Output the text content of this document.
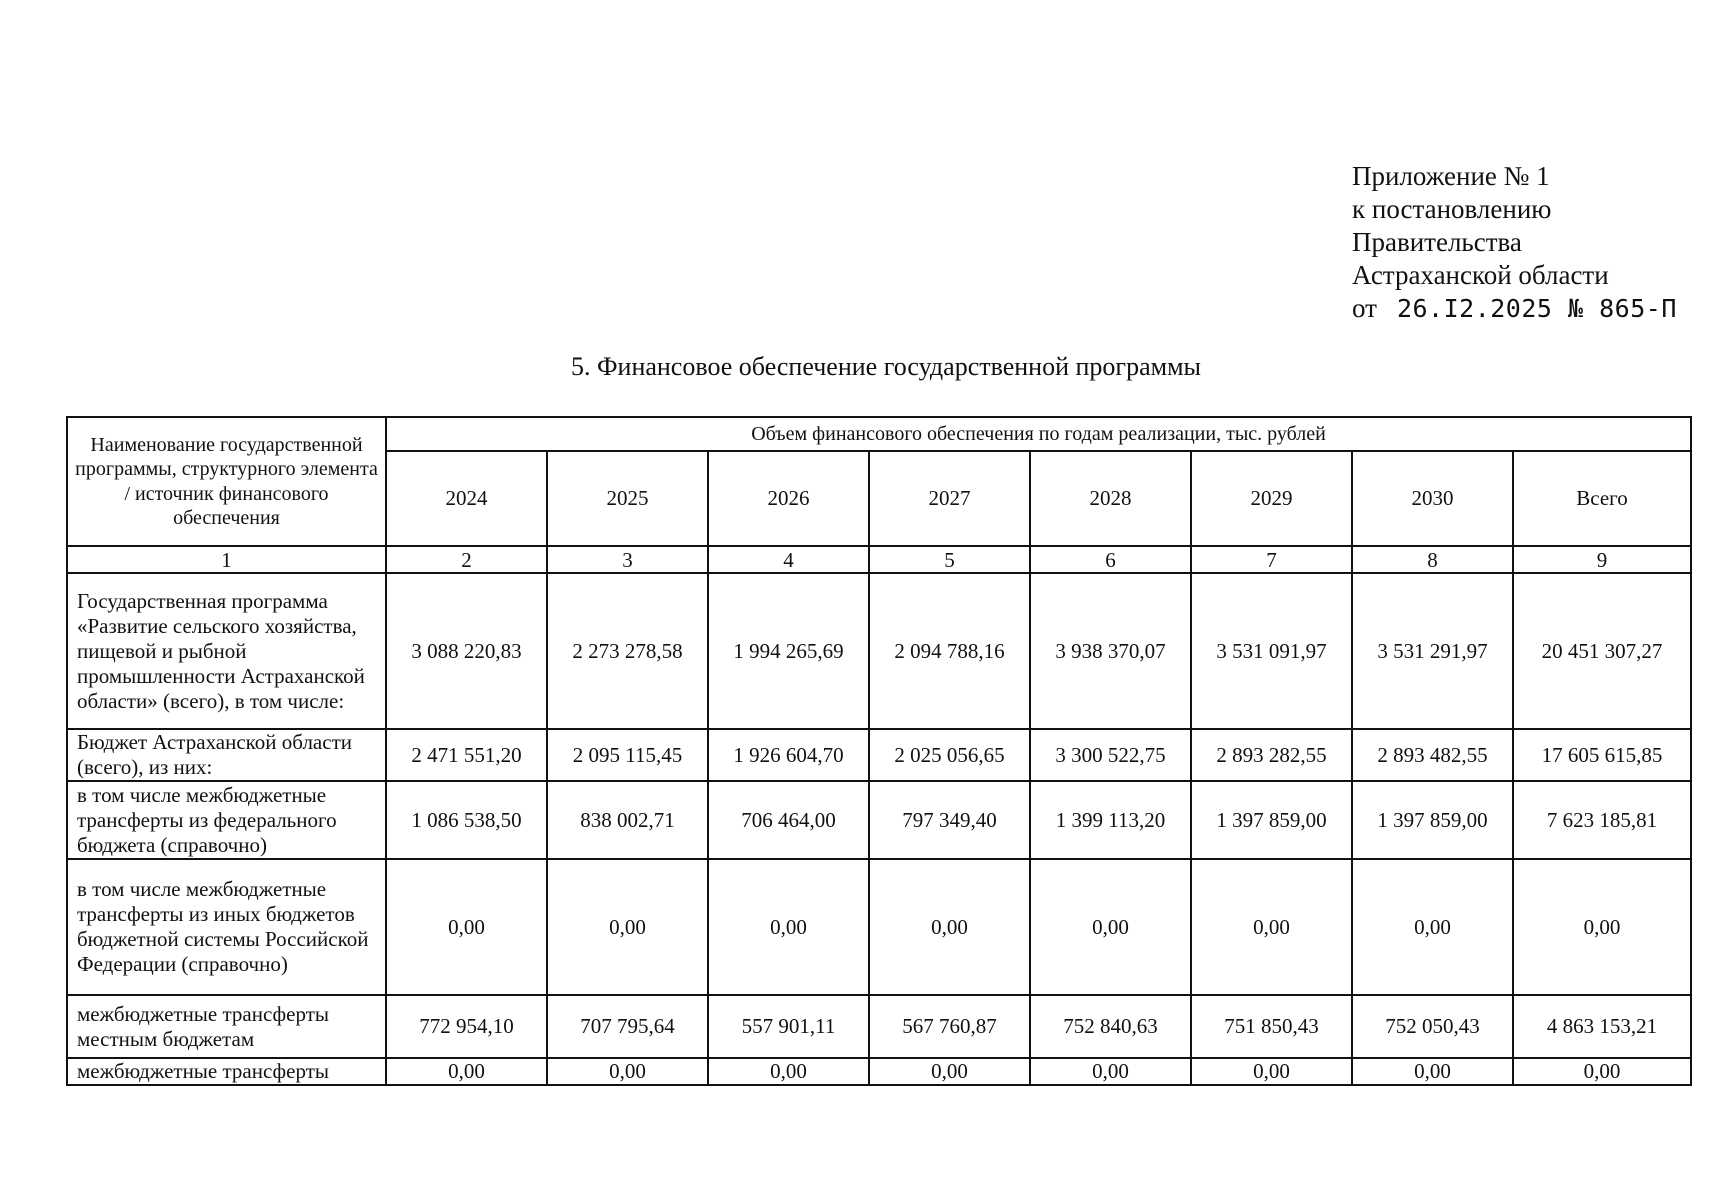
Приложение № 1
к постановлению
Правительства
Астраханской области
от 26.I2.2025 № 865-П
5. Финансовое обеспечение государственной программы
Наименование государственной программы, структурного элемента / источник финансового обеспечения	Объем финансового обеспечения по годам реализации, тыс. рублей							
	2024	2025	2026	2027	2028	2029	2030	Всего
1	2	3	4	5	6	7	8	9
Государственная программа «Развитие сельского хозяйства, пищевой и рыбной промышленности Астраханской области» (всего), в том числе:	3 088 220,83	2 273 278,58	1 994 265,69	2 094 788,16	3 938 370,07	3 531 091,97	3 531 291,97	20 451 307,27
Бюджет Астраханской области (всего), из них:	2 471 551,20	2 095 115,45	1 926 604,70	2 025 056,65	3 300 522,75	2 893 282,55	2 893 482,55	17 605 615,85
в том числе межбюджетные трансферты из федерального бюджета (справочно)	1 086 538,50	838 002,71	706 464,00	797 349,40	1 399 113,20	1 397 859,00	1 397 859,00	7 623 185,81
в том числе межбюджетные трансферты из иных бюджетов бюджетной системы Российской Федерации (справочно)	0,00	0,00	0,00	0,00	0,00	0,00	0,00	0,00
межбюджетные трансферты местным бюджетам	772 954,10	707 795,64	557 901,11	567 760,87	752 840,63	751 850,43	752 050,43	4 863 153,21
межбюджетные трансферты	0,00	0,00	0,00	0,00	0,00	0,00	0,00	0,00
